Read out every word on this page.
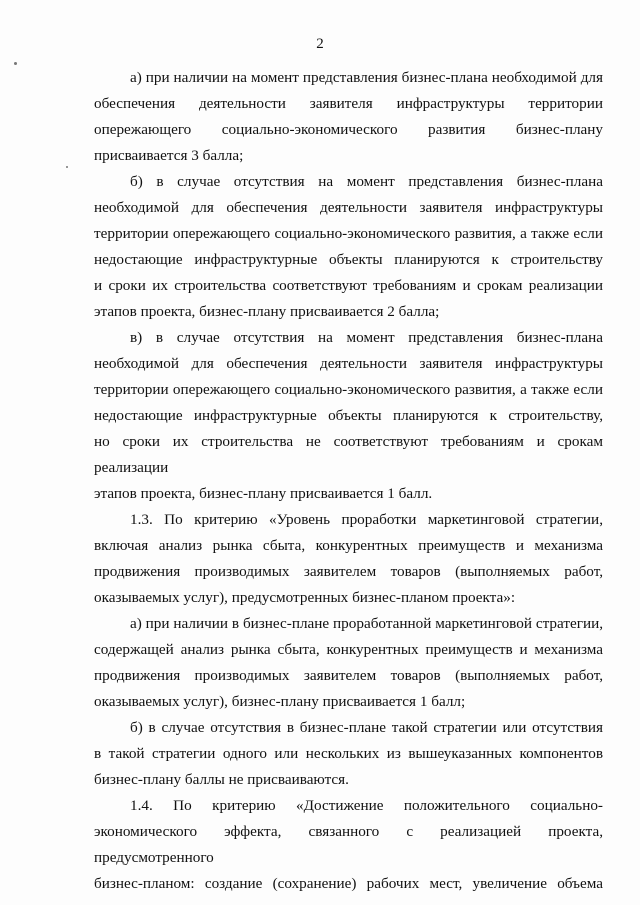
2

а) при наличии на момент представления бизнес-плана необходимой для
обеспечения деятельности заявителя инфраструктуры территории
опережающего социально-экономического развития бизнес-плану
присваивается 3 балла;

б) в случае отсутствия на момент представления бизнес-плана
необходимой для обеспечения деятельности заявителя инфраструктуры
территории опережающего социально-экономического развития, а также если
недостающие инфраструктурные объекты планируются к строительству
и сроки их строительства соответствуют требованиям и срокам реализации
этапов проекта, бизнес-плану присваивается 2 балла;

в) в случае отсутствия на момент представления бизнес-плана
необходимой для обеспечения деятельности заявителя инфраструктуры
территории опережающего социально-экономического развития, а также если
недостающие инфраструктурные объекты планируются к строительству,
но сроки их строительства не соответствуют требованиям и срокам реализации
этапов проекта, бизнес-плану присваивается 1 балл.

1.3. По критерию «Уровень проработки маркетинговой стратегии,
включая анализ рынка сбыта, конкурентных преимуществ и механизма
продвижения производимых заявителем товаров (выполняемых работ,
оказываемых услуг), предусмотренных бизнес-планом проекта»:

а) при наличии в бизнес-плане проработанной маркетинговой стратегии,
содержащей анализ рынка сбыта, конкурентных преимуществ и механизма
продвижения производимых заявителем товаров (выполняемых работ,
оказываемых услуг), бизнес-плану присваивается 1 балл;

б) в случае отсутствия в бизнес-плане такой стратегии или отсутствия
в такой стратегии одного или нескольких из вышеуказанных компонентов
бизнес-плану баллы не присваиваются.

1.4. По критерию «Достижение положительного социально-
экономического эффекта, связанного с реализацией проекта, предусмотренного
бизнес-планом: создание (сохранение) рабочих мест, увеличение объема
